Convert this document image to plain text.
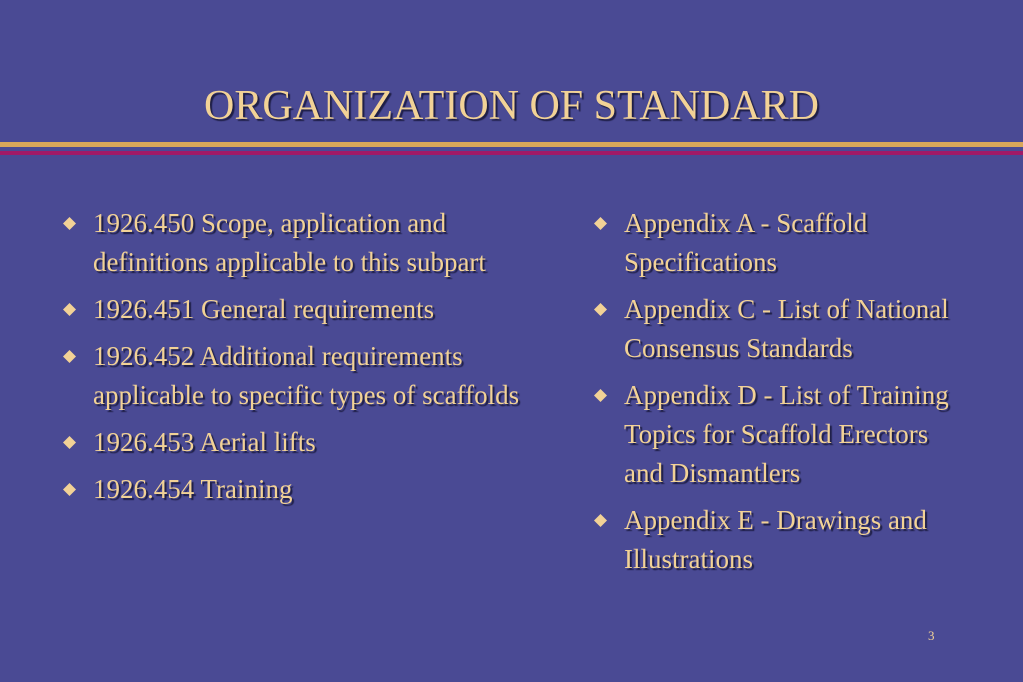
ORGANIZATION OF STANDARD
1926.450 Scope, application and definitions applicable to this subpart
1926.451 General requirements
1926.452 Additional requirements applicable to specific types of scaffolds
1926.453 Aerial lifts
1926.454 Training
Appendix A - Scaffold Specifications
Appendix C - List of National Consensus Standards
Appendix D - List of Training Topics for Scaffold Erectors and Dismantlers
Appendix E - Drawings and Illustrations
3
